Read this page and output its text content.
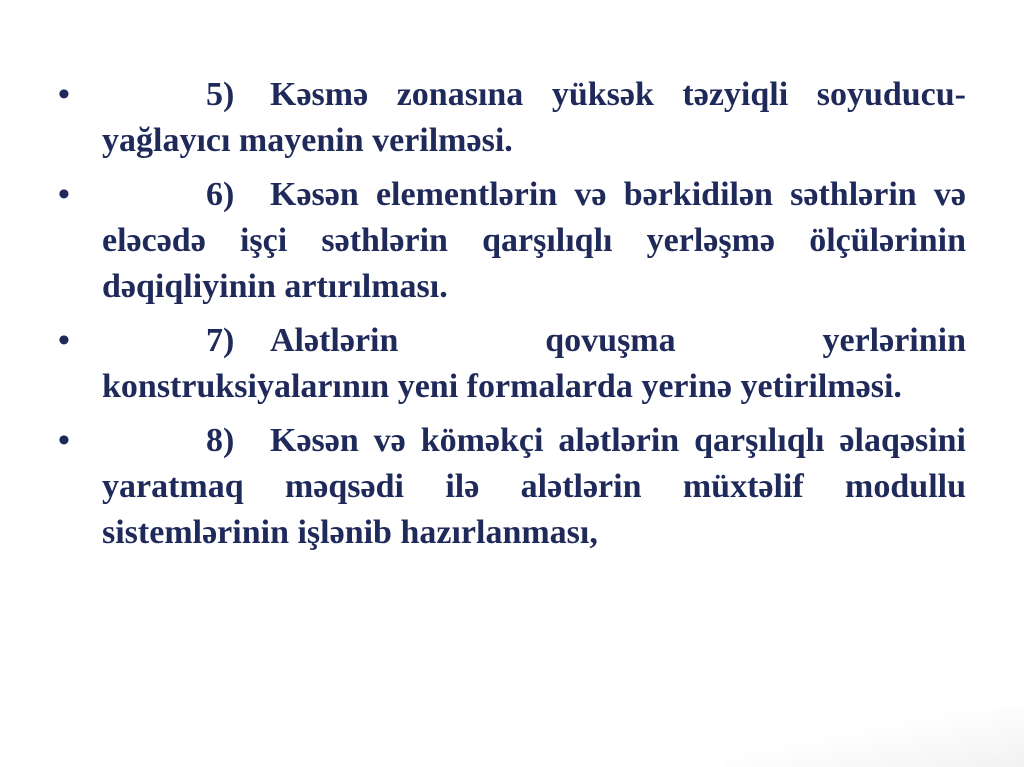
•	5) Kəsmə zonasına yüksək təzyiqli soyuducu-yağlayıcı mayenin verilməsi.
•	6) Kəsən elementlərin və bərkidilən səthlərin və eləcədə işçi səthlərin qarşılıqlı yerləşmə ölçülərinin dəqiqliyinin artırılması.
•	7) Alətlərin qovuşma yerlərinin konstruksiyalarının yeni formalarda yerinə yetirilməsi.
•	8) Kəsən və köməkçi alətlərin qarşılıqlı əlaqəsini yaratmaq məqsədi ilə alətlərin müxtəlif modullu sistemlərinin işlənib hazırlanması,
